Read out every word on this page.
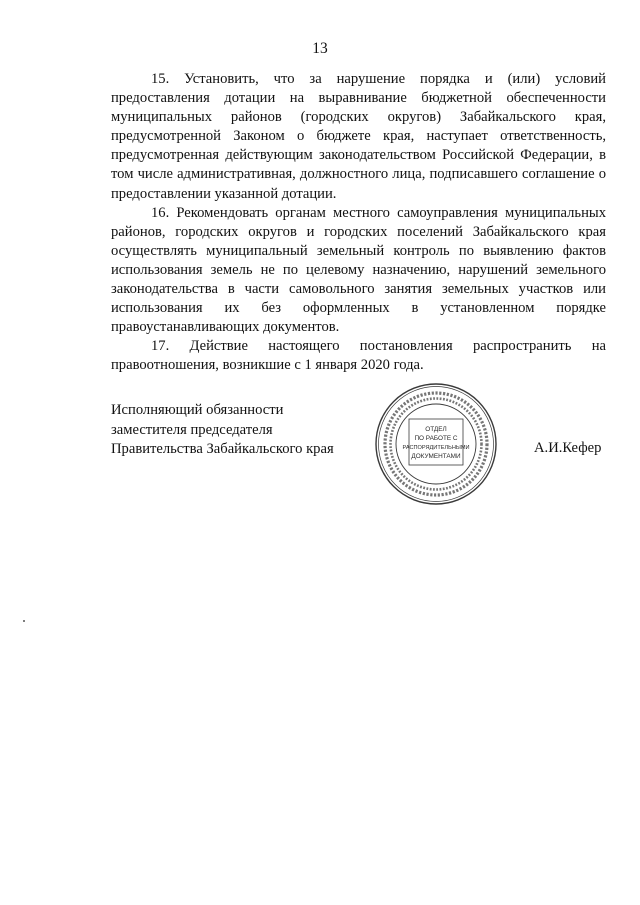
13

15. Установить, что за нарушение порядка и (или) условий предоставления дотации на выравнивание бюджетной обеспеченности муниципальных районов (городских округов) Забайкальского края, предусмотренной Законом о бюджете края, наступает ответственность, предусмотренная действующим законодательством Российской Федерации, в том числе административная, должностного лица, подписавшего соглашение о предоставлении указанной дотации.

16. Рекомендовать органам местного самоуправления муниципальных районов, городских округов и городских поселений Забайкальского края осуществлять муниципальный земельный контроль по выявлению фактов использования земель не по целевому назначению, нарушений земельного законодательства в части самовольного занятия земельных участков или использования их без оформленных в установленном порядке правоустанавливающих документов.

17. Действие настоящего постановления распространить на правоотношения, возникшие с 1 января 2020 года.

Исполняющий обязанности
заместителя председателя
Правительства Забайкальского края	А.И.Кефер
ОТДЕЛ
ПО РАБОТЕ С
РАСПОРЯДИТЕЛЬНЫМИ
ДОКУМЕНТАМИ
